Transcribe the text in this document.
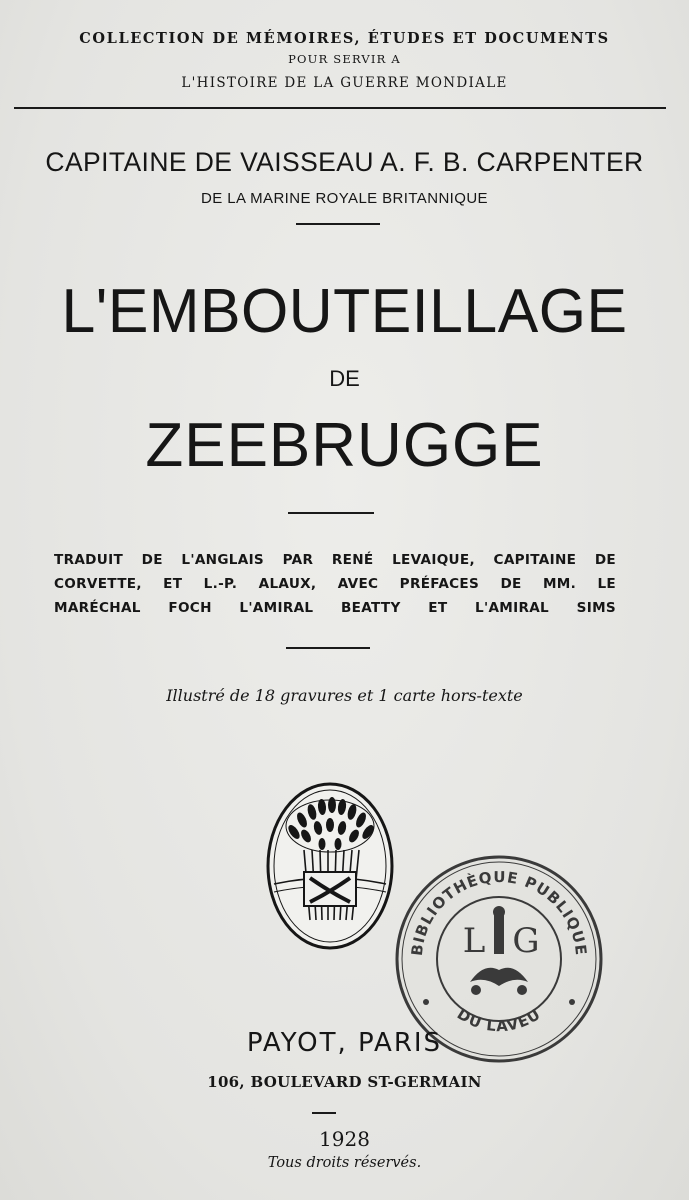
COLLECTION DE MÉMOIRES, ÉTUDES ET DOCUMENTS
POUR SERVIR A
L'HISTOIRE DE LA GUERRE MONDIALE
CAPITAINE DE VAISSEAU A. F. B. CARPENTER
DE LA MARINE ROYALE BRITANNIQUE
L'EMBOUTEILLAGE
DE
ZEEBRUGGE
TRADUIT DE L'ANGLAIS PAR RENÉ LEVAIQUE, CAPITAINE DE
CORVETTE, ET L.-P. ALAUX, AVEC PRÉFACES DE MM. LE
MARÉCHAL FOCH L'AMIRAL BEATTY ET L'AMIRAL SIMS
Illustré de 18 gravures et 1 carte hors-texte
BIBLIOTHÈQUE PUBLIQUE
DU LAVEU
L G
PAYOT, PARIS
106, BOULEVARD ST-GERMAIN
1928
Tous droits réservés.
